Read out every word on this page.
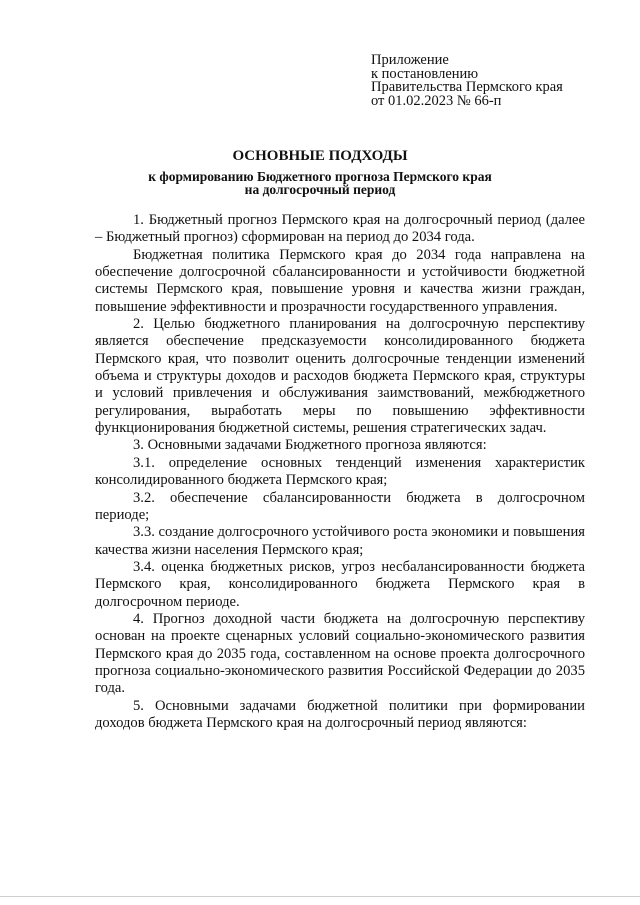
Приложение
к постановлению
Правительства Пермского края
от 01.02.2023 № 66-п
ОСНОВНЫЕ ПОДХОДЫ
к формированию Бюджетного прогноза Пермского края
на долгосрочный период

1. Бюджетный прогноз Пермского края на долгосрочный период (далее – Бюджетный прогноз) сформирован на период до 2034 года.

Бюджетная политика Пермского края до 2034 года направлена на обеспечение долгосрочной сбалансированности и устойчивости бюджетной системы Пермского края, повышение уровня и качества жизни граждан, повышение эффективности и прозрачности государственного управления.

2. Целью бюджетного планирования на долгосрочную перспективу является обеспечение предсказуемости консолидированного бюджета Пермского края, что позволит оценить долгосрочные тенденции изменений объема и структуры доходов и расходов бюджета Пермского края, структуры и условий привлечения и обслуживания заимствований, межбюджетного регулирования, выработать меры по повышению эффективности функционирования бюджетной системы, решения стратегических задач.

3. Основными задачами Бюджетного прогноза являются:

3.1. определение основных тенденций изменения характеристик консолидированного бюджета Пермского края;

3.2. обеспечение сбалансированности бюджета в долгосрочном периоде;

3.3. создание долгосрочного устойчивого роста экономики и повышения качества жизни населения Пермского края;

3.4. оценка бюджетных рисков, угроз несбалансированности бюджета Пермского края, консолидированного бюджета Пермского края в долгосрочном периоде.

4. Прогноз доходной части бюджета на долгосрочную перспективу основан на проекте сценарных условий социально-экономического развития Пермского края до 2035 года, составленном на основе проекта долгосрочного прогноза социально-экономического развития Российской Федерации до 2035 года.

5. Основными задачами бюджетной политики при формировании доходов бюджета Пермского края на долгосрочный период являются:
